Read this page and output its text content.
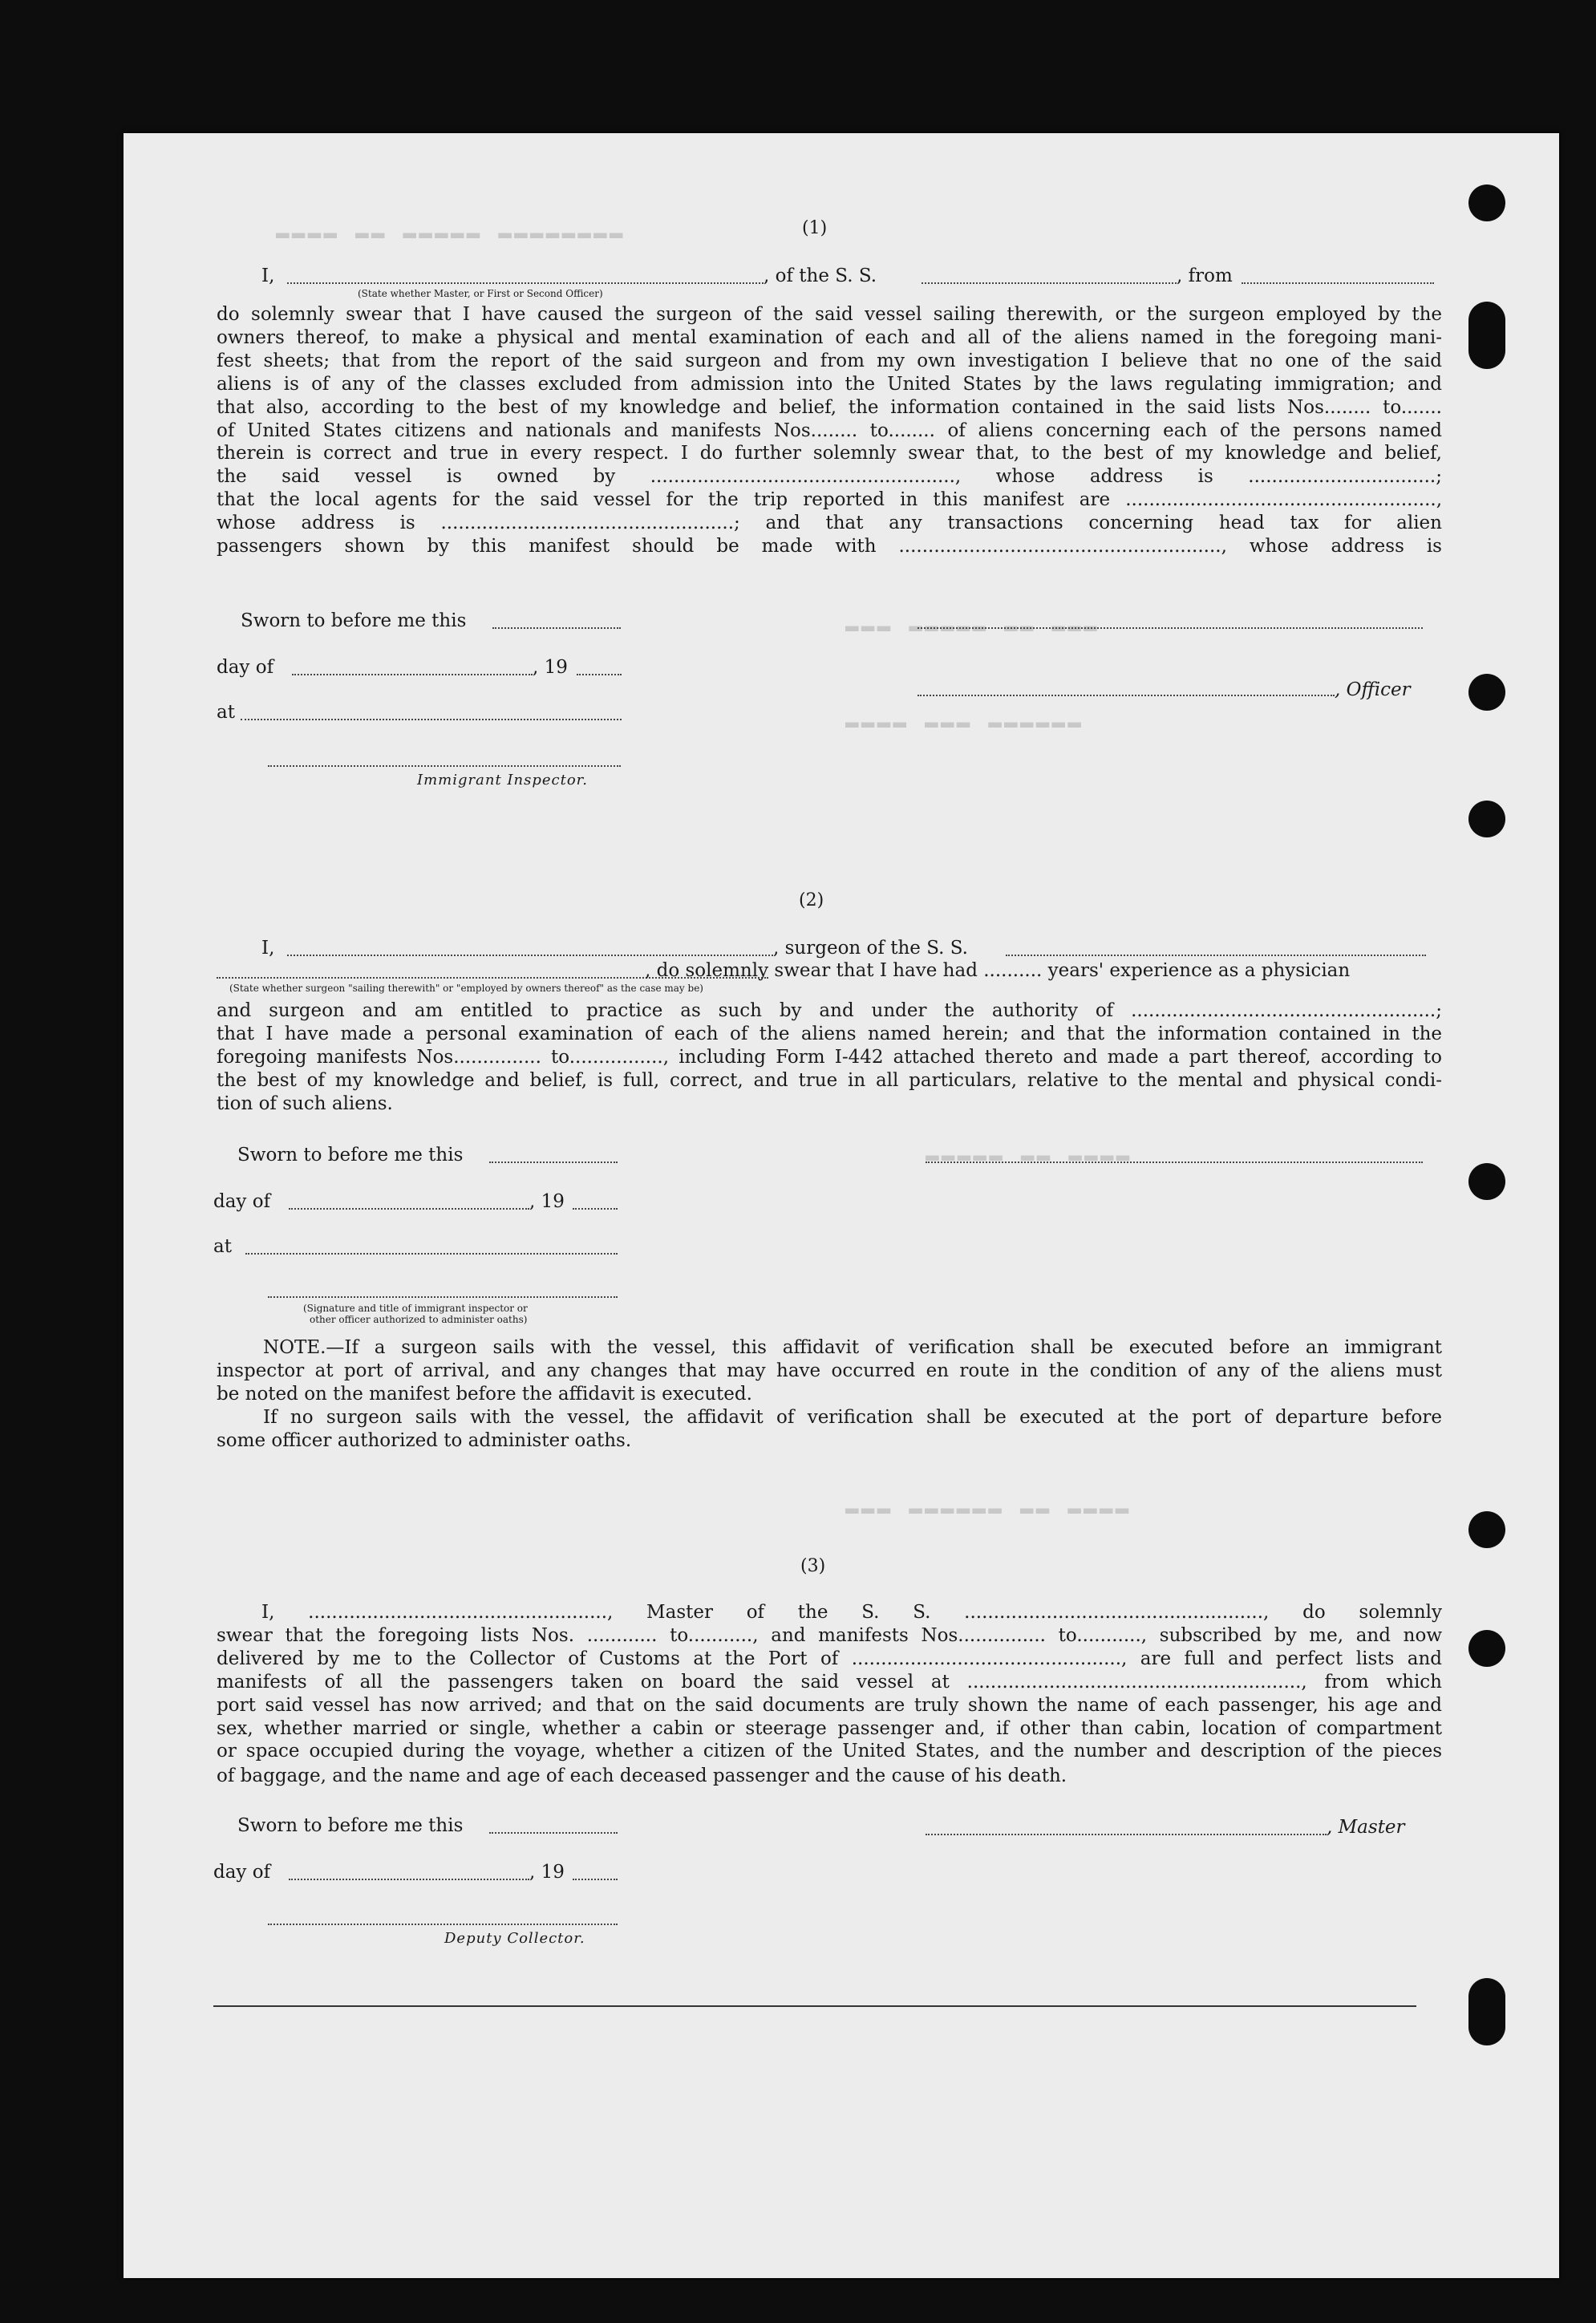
▬▬▬▬ ▬▬ ▬▬▬▬▬ ▬▬▬▬▬▬▬▬
▬▬▬ ▬▬▬▬▬ ▬▬ ▬▬▬
▬▬▬▬ ▬▬▬ ▬▬▬▬▬▬
▬▬▬▬▬ ▬▬ ▬▬▬▬
▬▬▬ ▬▬▬▬▬▬ ▬▬ ▬▬▬▬
(1)
I,	, of the S. S.	, from
(State whether Master, or First or Second Officer)
do solemnly swear that I have caused the surgeon of the said vessel sailing therewith, or the surgeon employed by the
owners thereof, to make a physical and mental examination of each and all of the aliens named in the foregoing mani-
fest sheets; that from the report of the said surgeon and from my own investigation I believe that no one of the said
aliens is of any of the classes excluded from admission into the United States by the laws regulating immigration; and
that also, according to the best of my knowledge and belief, the information contained in the said lists Nos........ to.......
of United States citizens and nationals and manifests Nos........ to........ of aliens concerning each of the persons named
therein is correct and true in every respect. I do further solemnly swear that, to the best of my knowledge and belief,
the said vessel is owned by ...................................................., whose address is ................................;
that the local agents for the said vessel for the trip reported in this manifest are .....................................................,
whose address is ..................................................; and that any transactions concerning head tax for alien
passengers shown by this manifest should be made with ......................................................., whose address is
Sworn to before me this
day of	, 19
, Officer
at
Immigrant Inspector.
(2)
I,	, surgeon of the S. S.
, do solemnly swear that I have had .......... years' experience as a physician
(State whether surgeon "sailing therewith" or "employed by owners thereof" as the case may be)
and surgeon and am entitled to practice as such by and under the authority of ....................................................;
that I have made a personal examination of each of the aliens named herein; and that the information contained in the
foregoing manifests Nos............... to................, including Form I-442 attached thereto and made a part thereof, according to
the best of my knowledge and belief, is full, correct, and true in all particulars, relative to the mental and physical condi-
tion of such aliens.
Sworn to before me this
day of	, 19
at
(Signature and title of immigrant inspector or
other officer authorized to administer oaths)
NOTE.—If a surgeon sails with the vessel, this affidavit of verification shall be executed before an immigrant
inspector at port of arrival, and any changes that may have occurred en route in the condition of any of the aliens must
be noted on the manifest before the affidavit is executed.
If no surgeon sails with the vessel, the affidavit of verification shall be executed at the port of departure before
some officer authorized to administer oaths.
(3)
I, ..................................................., Master of the S. S. ..................................................., do solemnly
swear that the foregoing lists Nos. ............ to..........., and manifests Nos............... to..........., subscribed by me, and now
delivered by me to the Collector of Customs at the Port of .............................................., are full and perfect lists and
manifests of all the passengers taken on board the said vessel at ........................................................., from which
port said vessel has now arrived; and that on the said documents are truly shown the name of each passenger, his age and
sex, whether married or single, whether a cabin or steerage passenger and, if other than cabin, location of compartment
or space occupied during the voyage, whether a citizen of the United States, and the number and description of the pieces
of baggage, and the name and age of each deceased passenger and the cause of his death.
Sworn to before me this	, Master
day of	, 19
Deputy Collector.
